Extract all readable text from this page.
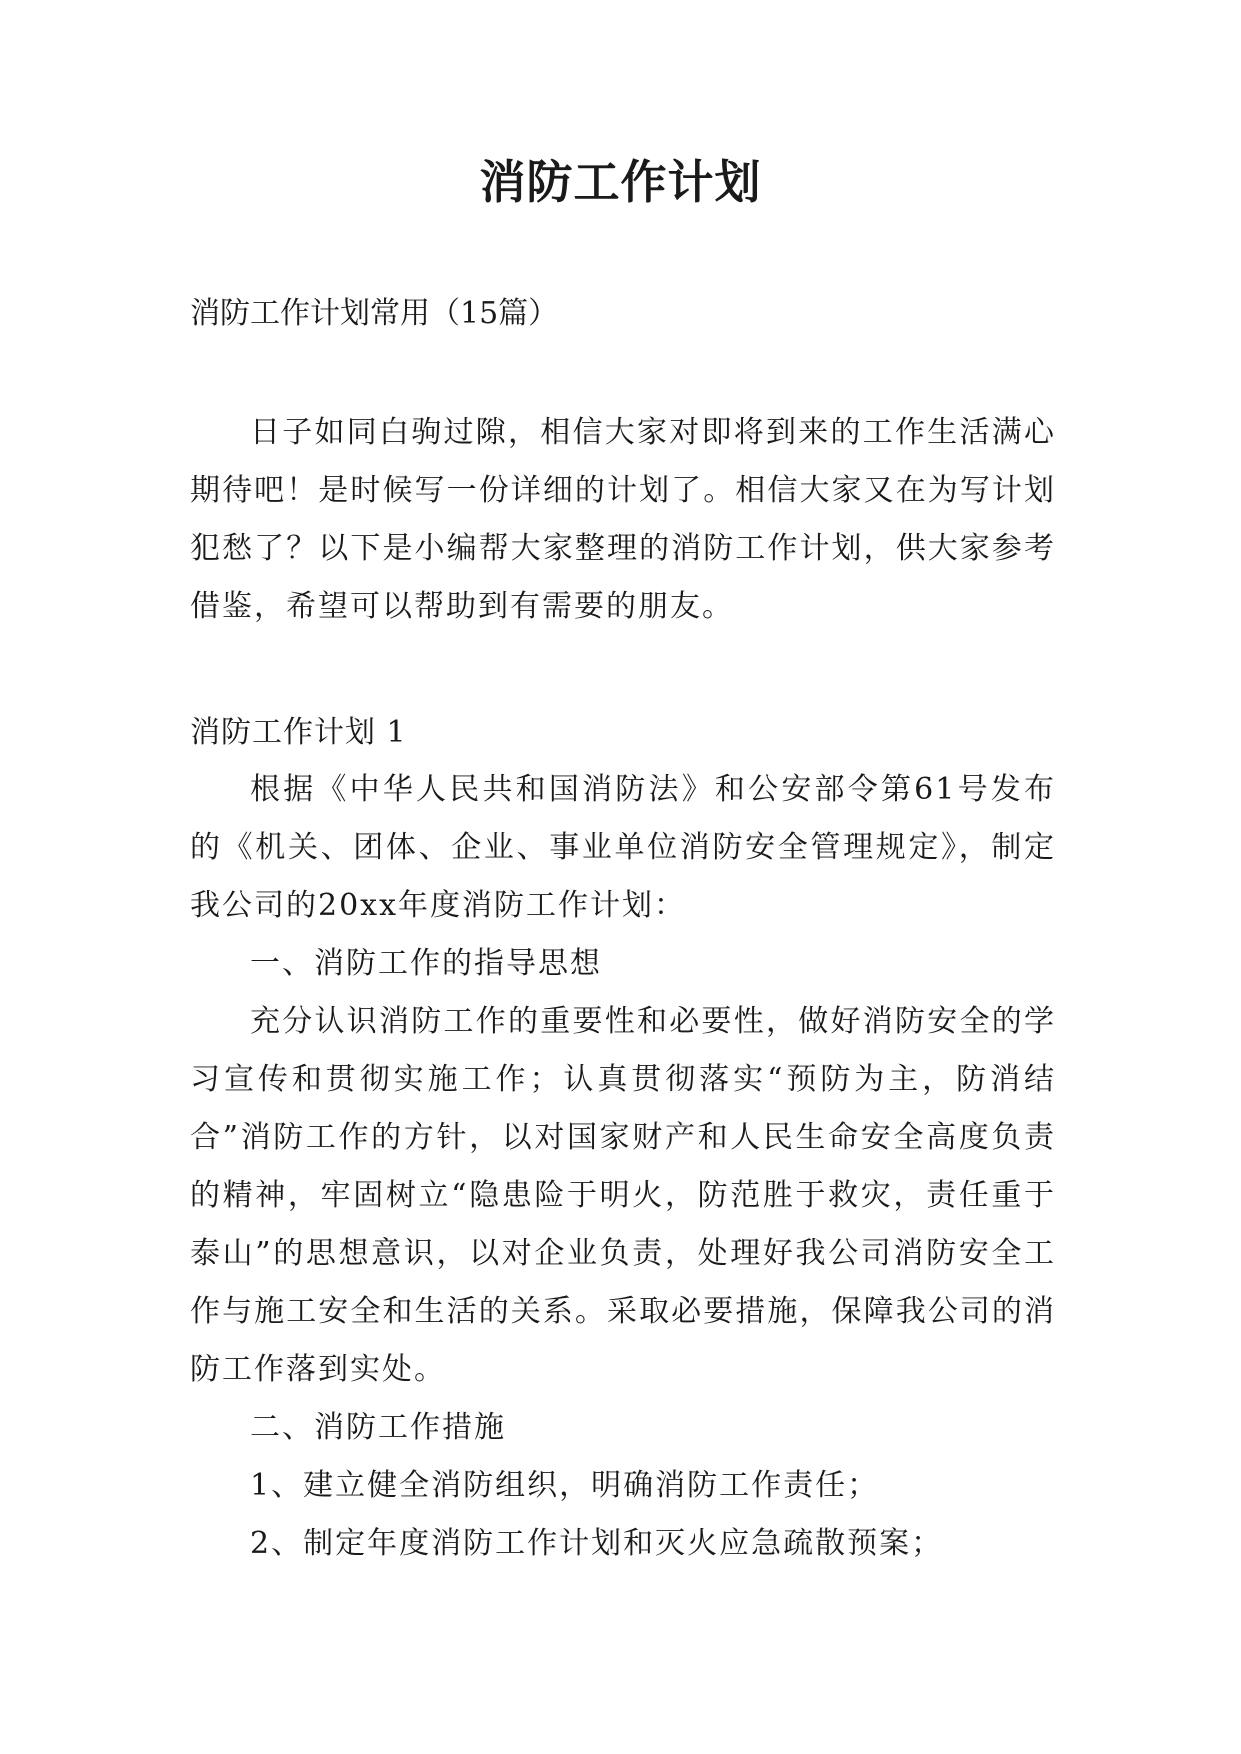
消防工作计划
消防工作计划常用（15篇）

日子如同白驹过隙，相信大家对即将到来的工作生活满心期待吧！是时候写一份详细的计划了。相信大家又在为写计划犯愁了？以下是小编帮大家整理的消防工作计划，供大家参考借鉴，希望可以帮助到有需要的朋友。

消防工作计划 1

根据《中华人民共和国消防法》和公安部令第61号发布的《机关、团体、企业、事业单位消防安全管理规定》，制定我公司的20xx年度消防工作计划：

一、消防工作的指导思想

充分认识消防工作的重要性和必要性，做好消防安全的学习宣传和贯彻实施工作；认真贯彻落实“预防为主，防消结合”消防工作的方针，以对国家财产和人民生命安全高度负责的精神，牢固树立“隐患险于明火，防范胜于救灾，责任重于泰山”的思想意识，以对企业负责，处理好我公司消防安全工作与施工安全和生活的关系。采取必要措施，保障我公司的消防工作落到实处。

二、消防工作措施

1、建立健全消防组织，明确消防工作责任；

2、制定年度消防工作计划和灭火应急疏散预案；
